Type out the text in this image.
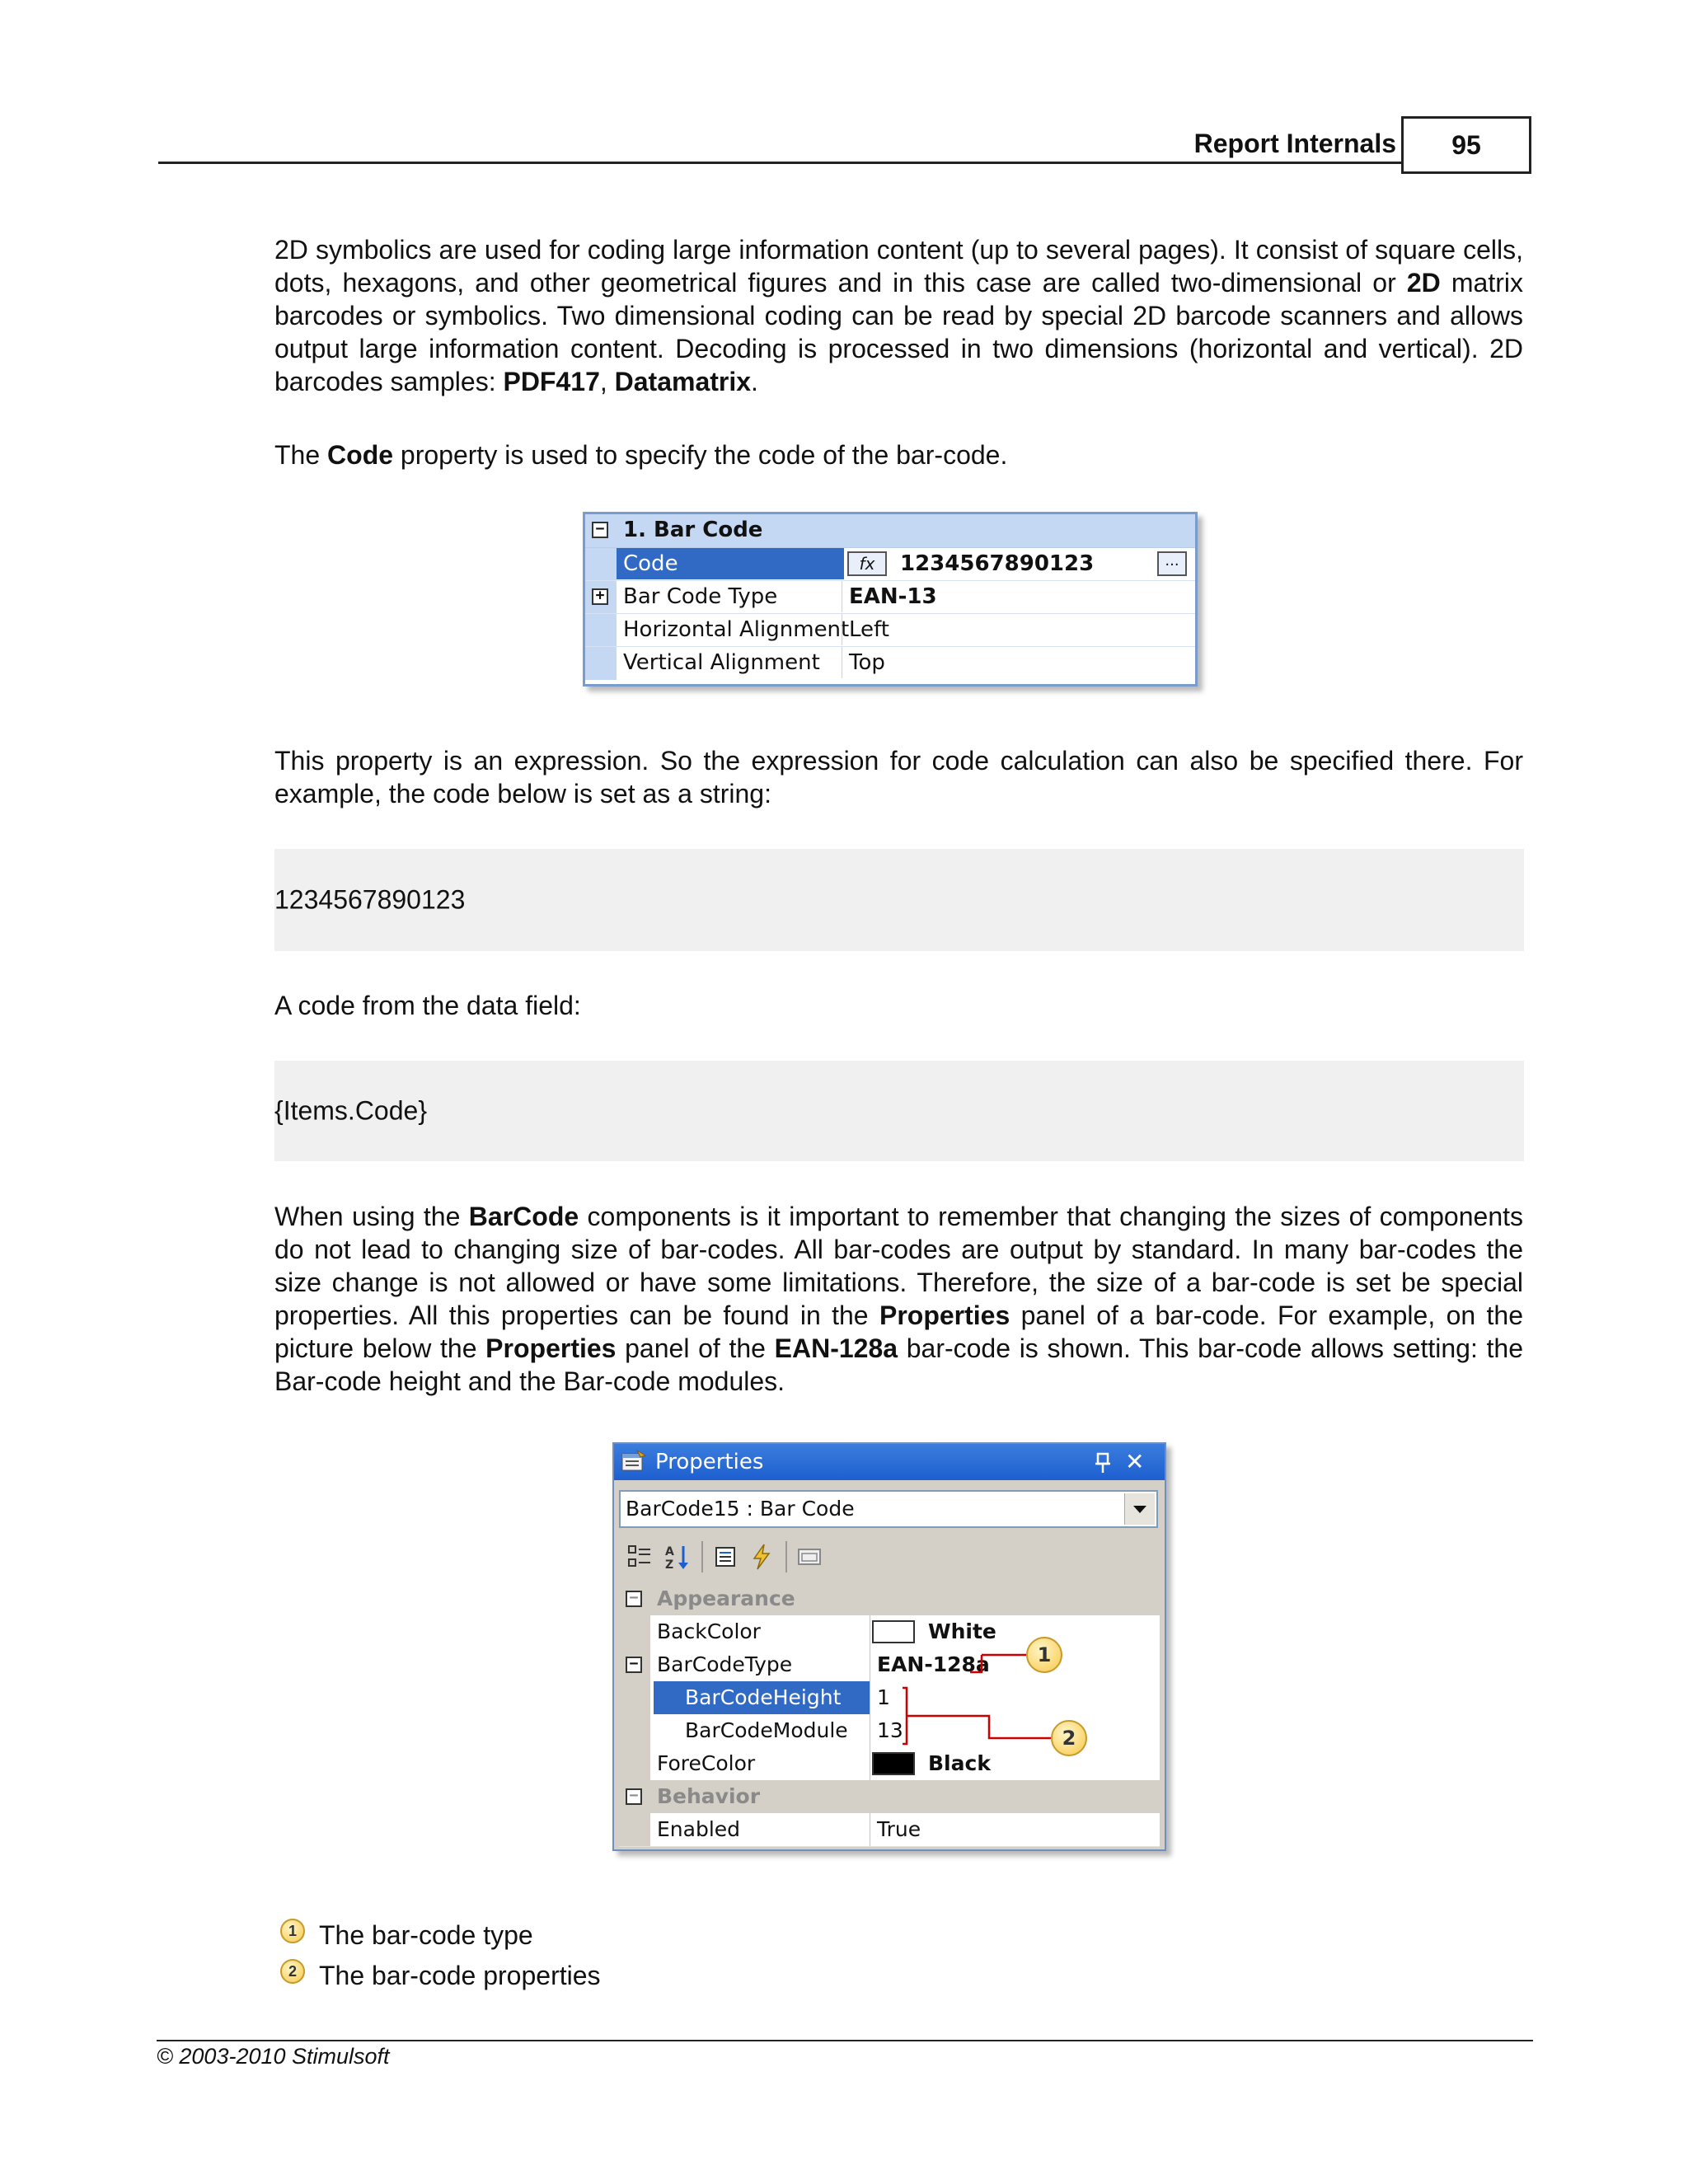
Report Internals	95
2D symbolics are used for coding large information content (up to several pages). It consist of square cells, dots, hexagons, and other geometrical figures and in this case are called two-dimensional or 2D matrix barcodes or symbolics. Two dimensional coding can be read by special 2D barcode scanners and allows output large information content. Decoding is processed in two dimensions (horizontal and vertical). 2D barcodes samples: PDF417, Datamatrix.
The Code property is used to specify the code of the bar-code.
− 1. Bar Code
Code	fx	1234567890123	...
+ Bar Code Type	EAN-13
Horizontal Alignment Left
Vertical Alignment	Top
This property is an expression. So the expression for code calculation can also be specified there. For example, the code below is set as a string:
1234567890123
A code from the data field:
{Items.Code}
When using the BarCode components is it important to remember that changing the sizes of components do not lead to changing size of bar-codes. All bar-codes are output by standard. In many bar-codes the size change is not allowed or have some limitations. Therefore, the size of a bar-code is set be special properties. All this properties can be found in the Properties panel of a bar-code. For example, on the picture below the Properties panel of the EAN-128a bar-code is shown. This bar-code allows setting: the Bar-code height and the Bar-code modules.
Properties	✕
BarCode15 : Bar Code
A
Z
− Appearance
BackColor	White
− BarCodeType	EAN-128a
BarCodeHeight	1
BarCodeModule	13
ForeColor	Black
− Behavior
Enabled	True
1
2
1 The bar-code type
2 The bar-code properties
© 2003-2010 Stimulsoft
